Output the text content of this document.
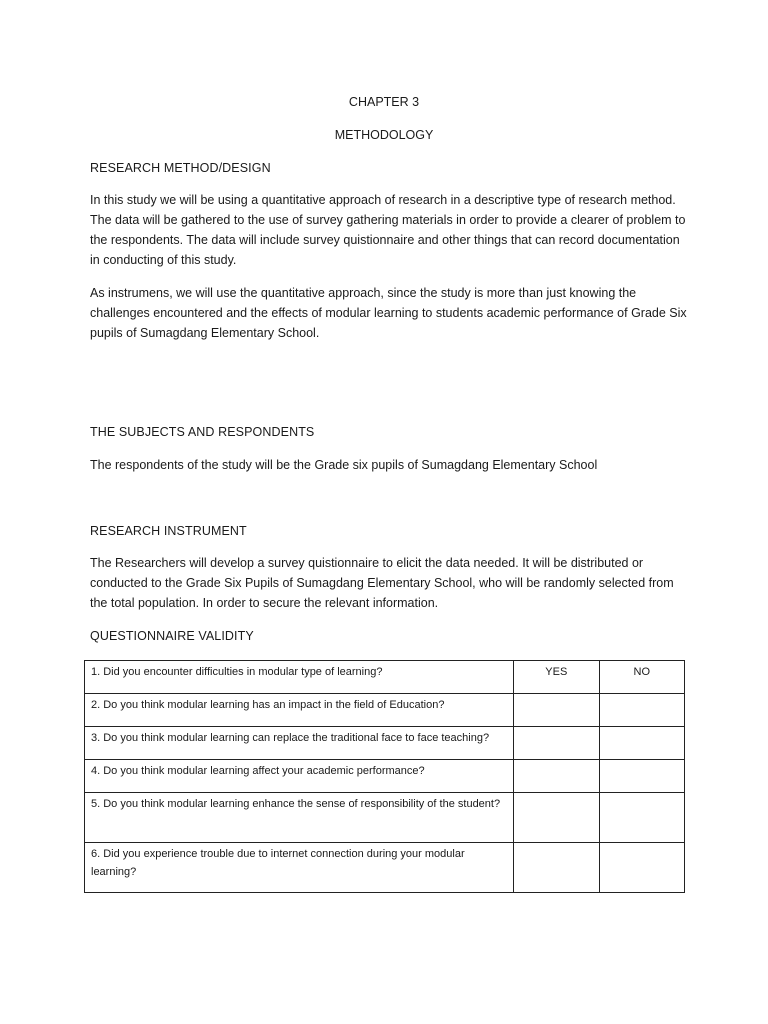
CHAPTER 3
METHODOLOGY
RESEARCH METHOD/DESIGN

In this study we will be using a quantitative approach of research in a descriptive type of research method. The data will be gathered to the use of survey gathering materials in order to provide a clearer of problem to the respondents. The data will include survey quistionnaire and other things that can record documentation in conducting of this study.

As instrumens, we will use the quantitative approach, since the study is more than just knowing the challenges encountered and the effects of modular learning to students academic performance of Grade Six pupils of Sumagdang Elementary School.

THE SUBJECTS AND RESPONDENTS

The respondents of the study will be the Grade six pupils of Sumagdang Elementary School

RESEARCH INSTRUMENT

The Researchers will develop a survey quistionnaire to elicit the data needed. It will be distributed or conducted to the Grade Six Pupils of Sumagdang Elementary School, who will be randomly selected from the total population. In order to secure the relevant information.

QUESTIONNAIRE VALIDITY
1. Did you encounter difficulties in modular type of learning?	YES	NO
2. Do you think modular learning has an impact in the field of Education?		
3. Do you think modular learning can replace the traditional face to face teaching?		
4. Do you think modular learning affect your academic performance?		
5. Do you think modular learning enhance the sense of responsibility of the student?		
6. Did you experience trouble due to internet connection during your modular learning?		
